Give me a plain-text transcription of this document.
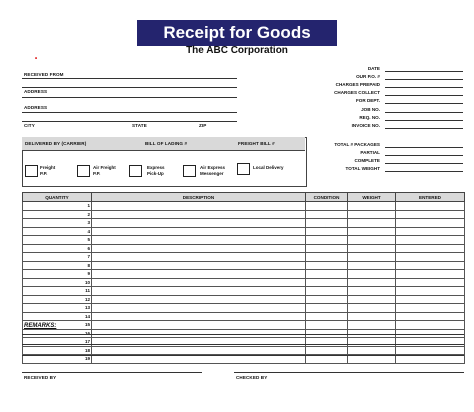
Receipt for Goods
The ABC Corporation
•
RECEIVED FROM
ADDRESS
ADDRESS
CITY	STATE	ZIP
DATE
OUR P.O. #
CHARGES PREPAID
CHARGES COLLECT
FOR DEPT.
JOB NO.
REQ. NO.
INVOICE NO.
TOTAL # PACKAGES
PARTIAL
COMPLETE
TOTAL WEIGHT
DELIVERED BY (CARRIER)	BILL OF LADING #	FREIGHT BILL #
Freight
P.P.
Air Freight
P.P.
Express
Pick-Up
Air Express
Messenger
Local Delivery
QUANTITY	DESCRIPTION	CONDITION	WEIGHT	ENTERED
1				
2				
3				
4				
5				
6				
7				
8				
9				
10				
11				
12				
13				
14				
15				
16				
17				
18				
19				
REMARKS:
RECEIVED BY	CHECKED BY
